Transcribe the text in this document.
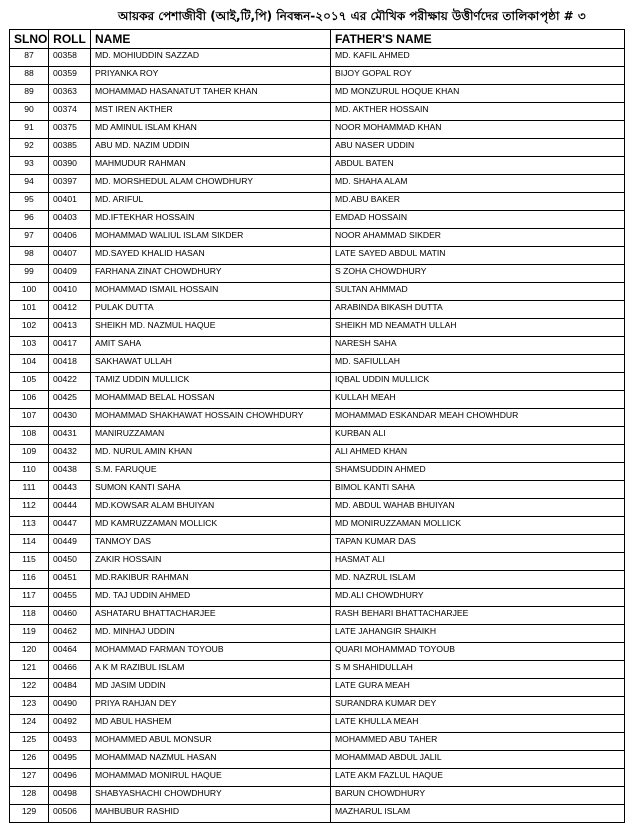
আয়কর পেশাজীবী (আই,টি,পি) নিবন্ধন-২০১৭ এর মৌখিক পরীক্ষায় উত্তীর্ণদের তালিকা পৃষ্ঠা # ৩
SLNO	ROLL	NAME	FATHER'S NAME
87	00358	MD. MOHIUDDIN SAZZAD	MD. KAFIL AHMED
88	00359	PRIYANKA ROY	BIJOY GOPAL ROY
89	00363	MOHAMMAD HASANATUT TAHER KHAN	MD MONZURUL HOQUE KHAN
90	00374	MST IREN AKTHER	MD. AKTHER HOSSAIN
91	00375	MD AMINUL ISLAM KHAN	NOOR MOHAMMAD KHAN
92	00385	ABU MD. NAZIM UDDIN	ABU NASER UDDIN
93	00390	MAHMUDUR RAHMAN	ABDUL BATEN
94	00397	MD. MORSHEDUL ALAM CHOWDHURY	MD. SHAHA ALAM
95	00401	MD. ARIFUL	MD.ABU BAKER
96	00403	MD.IFTEKHAR HOSSAIN	EMDAD HOSSAIN
97	00406	MOHAMMAD WALIUL ISLAM SIKDER	NOOR AHAMMAD SIKDER
98	00407	MD.SAYED KHALID HASAN	LATE SAYED ABDUL MATIN
99	00409	FARHANA ZINAT CHOWDHURY	S ZOHA CHOWDHURY
100	00410	MOHAMMAD ISMAIL HOSSAIN	SULTAN AHMMAD
101	00412	PULAK DUTTA	ARABINDA BIKASH DUTTA
102	00413	SHEIKH MD. NAZMUL HAQUE	SHEIKH MD NEAMATH ULLAH
103	00417	AMIT SAHA	NARESH SAHA
104	00418	SAKHAWAT ULLAH	MD. SAFIULLAH
105	00422	TAMIZ UDDIN MULLICK	IQBAL UDDIN MULLICK
106	00425	MOHAMMAD BELAL HOSSAN	KULLAH MEAH
107	00430	MOHAMMAD SHAKHAWAT HOSSAIN CHOWHDURY	MOHAMMAD ESKANDAR MEAH CHOWHDUR
108	00431	MANIRUZZAMAN	KURBAN ALI
109	00432	MD. NURUL AMIN KHAN	ALI AHMED KHAN
110	00438	S.M. FARUQUE	SHAMSUDDIN AHMED
111	00443	SUMON KANTI SAHA	BIMOL KANTI SAHA
112	00444	MD.KOWSAR ALAM BHUIYAN	MD. ABDUL WAHAB BHUIYAN
113	00447	MD KAMRUZZAMAN MOLLICK	MD MONIRUZZAMAN MOLLICK
114	00449	TANMOY DAS	TAPAN KUMAR DAS
115	00450	ZAKIR HOSSAIN	HASMAT ALI
116	00451	MD.RAKIBUR RAHMAN	MD. NAZRUL ISLAM
117	00455	MD. TAJ UDDIN AHMED	MD.ALI CHOWDHURY
118	00460	ASHATARU BHATTACHARJEE	RASH BEHARI BHATTACHARJEE
119	00462	MD. MINHAJ UDDIN	LATE JAHANGIR SHAIKH
120	00464	MOHAMMAD FARMAN TOYOUB	QUARI MOHAMMAD TOYOUB
121	00466	A K M RAZIBUL ISLAM	S M SHAHIDULLAH
122	00484	MD JASIM UDDIN	LATE GURA MEAH
123	00490	PRIYA RAHJAN DEY	SURANDRA KUMAR DEY
124	00492	MD ABUL HASHEM	LATE KHULLA MEAH
125	00493	MOHAMMED ABUL MONSUR	MOHAMMED ABU TAHER
126	00495	MOHAMMAD NAZMUL HASAN	MOHAMMAD ABDUL JALIL
127	00496	MOHAMMAD MONIRUL HAQUE	LATE AKM FAZLUL HAQUE
128	00498	SHABYASHACHI CHOWDHURY	BARUN CHOWDHURY
129	00506	MAHBUBUR RASHID	MAZHARUL ISLAM
